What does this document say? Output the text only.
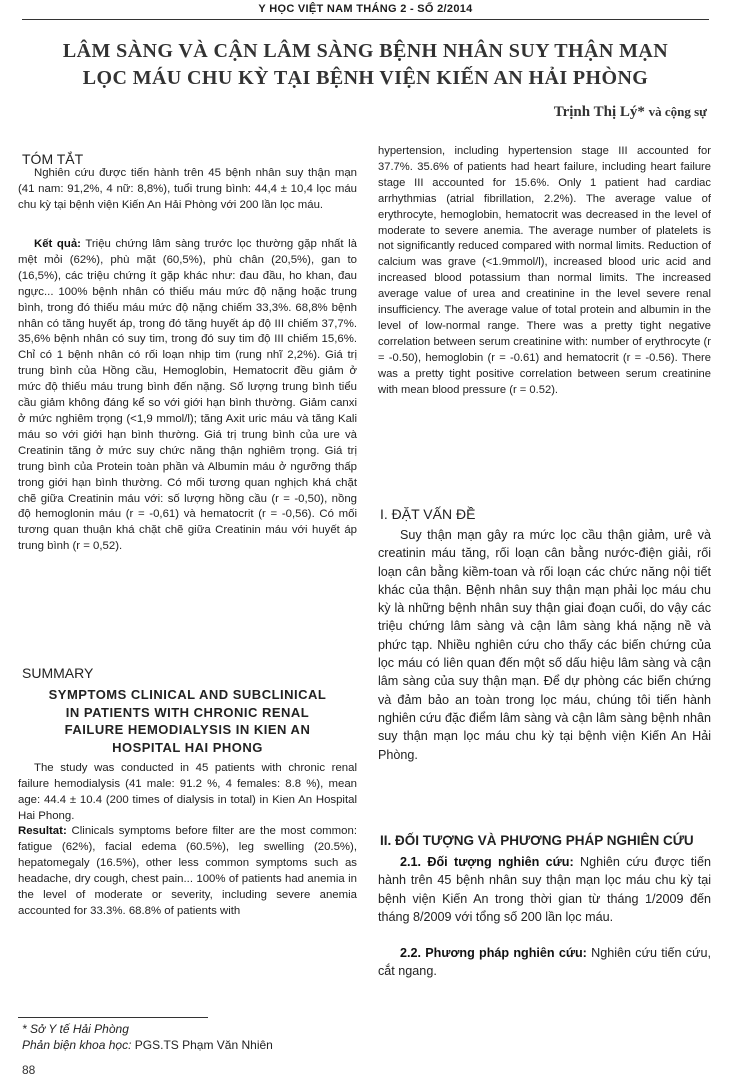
Y HỌC VIỆT NAM THÁNG 2 - SỐ 2/2014
LÂM SÀNG VÀ CẬN LÂM SÀNG BỆNH NHÂN SUY THẬN MẠN
LỌC MÁU CHU KỲ TẠI BỆNH VIỆN KIẾN AN HẢI PHÒNG
Trịnh Thị Lý* và cộng sự
TÓM TẮT

Nghiên cứu được tiến hành trên 45 bệnh nhân suy thận mạn (41 nam: 91,2%, 4 nữ: 8,8%), tuổi trung bình: 44,4 ± 10,4 lọc máu chu kỳ tại bệnh viện Kiến An Hải Phòng với 200 lần lọc máu.

Kết quả: Triệu chứng lâm sàng trước lọc thường gặp nhất là mệt mỏi (62%), phù mặt (60,5%), phù chân (20,5%), gan to (16,5%), các triệu chứng ít gặp khác như: đau đầu, ho khan, đau ngực... 100% bệnh nhân có thiếu máu mức độ nặng hoặc trung bình, trong đó thiếu máu mức độ nặng chiếm 33,3%. 68,8% bệnh nhân có tăng huyết áp, trong đó tăng huyết áp độ III chiếm 37,7%. 35,6% bệnh nhân có suy tim, trong đó suy tim độ III chiếm 15,6%. Chỉ có 1 bệnh nhân có rối loạn nhịp tim (rung nhĩ 2,2%). Giá trị trung bình của Hồng cầu, Hemoglobin, Hematocrit đều giảm ở mức độ thiếu máu trung bình đến nặng. Số lượng trung bình tiểu cầu giảm không đáng kể so với giới hạn bình thường. Giảm canxi ở mức nghiêm trọng (<1,9 mmol/l); tăng Axit uric máu và tăng Kali máu so với giới hạn bình thường. Giá trị trung bình của ure và Creatinin tăng ở mức suy chức năng thận nghiêm trọng. Giá trị trung bình của Protein toàn phần và Albumin máu ở ngưỡng thấp trong giới hạn bình thường. Có mối tương quan nghịch khá chặt chẽ giữa Creatinin máu với: số lượng hồng cầu (r = -0,50), nồng độ hemoglonin máu (r = -0,61) và hematocrit (r = -0,56). Có mối tương quan thuận khá chặt chẽ giữa Creatinin máu với huyết áp trung bình (r = 0,52).

SUMMARY
SYMPTOMS CLINICAL AND SUBCLINICAL
IN PATIENTS WITH CHRONIC RENAL
FAILURE HEMODIALYSIS IN KIEN AN
HOSPITAL HAI PHONG

The study was conducted in 45 patients with chronic renal failure hemodialysis (41 male: 91.2 %, 4 females: 8.8 %), mean age: 44.4 ± 10.4 (200 times of dialysis in total) in Kien An Hospital Hai Phong.

Resultat: Clinicals symptoms before filter are the most common: fatigue (62%), facial edema (60.5%), leg swelling (20.5%), hepatomegaly (16.5%), other less common symptoms such as headache, dry cough, chest pain... 100% of patients had anemia in the level of moderate or severity, including severe anemia accounted for 33.3%. 68.8% of patients with

hypertension, including hypertension stage III accounted for 37.7%. 35.6% of patients had heart failure, including heart failure stage III accounted for 15.6%. Only 1 patient had cardiac arrhythmias (atrial fibrillation, 2.2%). The average value of erythrocyte, hemoglobin, hematocrit was decreased in the level of moderate to severe anemia. The average number of platelets is not significantly reduced compared with normal limits. Reduction of calcium was grave (<1.9mmol/l), increased blood uric acid and increased blood potassium than normal limits. The increased average value of urea and creatinine in the level severe renal insufficiency. The average value of total protein and albumin in the level of low-normal range. There was a pretty tight negative correlation between serum creatinine with: number of erythrocyte (r = -0.50), hemoglobin (r = -0.61) and hematocrit (r = -0.56). There was a pretty tight positive correlation between serum creatinine with mean blood pressure (r = 0.52).

I. ĐẶT VẤN ĐỀ

Suy thận mạn gây ra mức lọc cầu thận giảm, urê và creatinin máu tăng, rối loạn cân bằng nước-điện giải, rối loạn cân bằng kiềm-toan và rối loạn các chức năng nội tiết khác của thận. Bệnh nhân suy thận mạn phải lọc máu chu kỳ là những bệnh nhân suy thận giai đoạn cuối, do vậy các triệu chứng lâm sàng và cận lâm sàng khá nặng nề và phức tạp. Nhiều nghiên cứu cho thấy các biến chứng của lọc máu có liên quan đến một số dấu hiệu lâm sàng và cận lâm sàng của suy thận mạn. Để dự phòng các biến chứng và đảm bảo an toàn trong lọc máu, chúng tôi tiến hành nghiên cứu đặc điểm lâm sàng và cận lâm sàng bệnh nhân suy thận mạn lọc máu chu kỳ tại bệnh viện Kiến An Hải Phòng.

II. ĐỐI TƯỢNG VÀ PHƯƠNG PHÁP NGHIÊN CỨU

2.1. Đối tượng nghiên cứu: Nghiên cứu được tiến hành trên 45 bệnh nhân suy thận mạn lọc máu chu kỳ tại bệnh viện Kiến An trong thời gian từ tháng 1/2009 đến tháng 8/2009 với tổng số 200 lần lọc máu.

2.2. Phương pháp nghiên cứu: Nghiên cứu tiến cứu, cắt ngang.

* Sở Y tế Hải Phòng
Phản biện khoa học: PGS.TS Phạm Văn Nhiên
88
